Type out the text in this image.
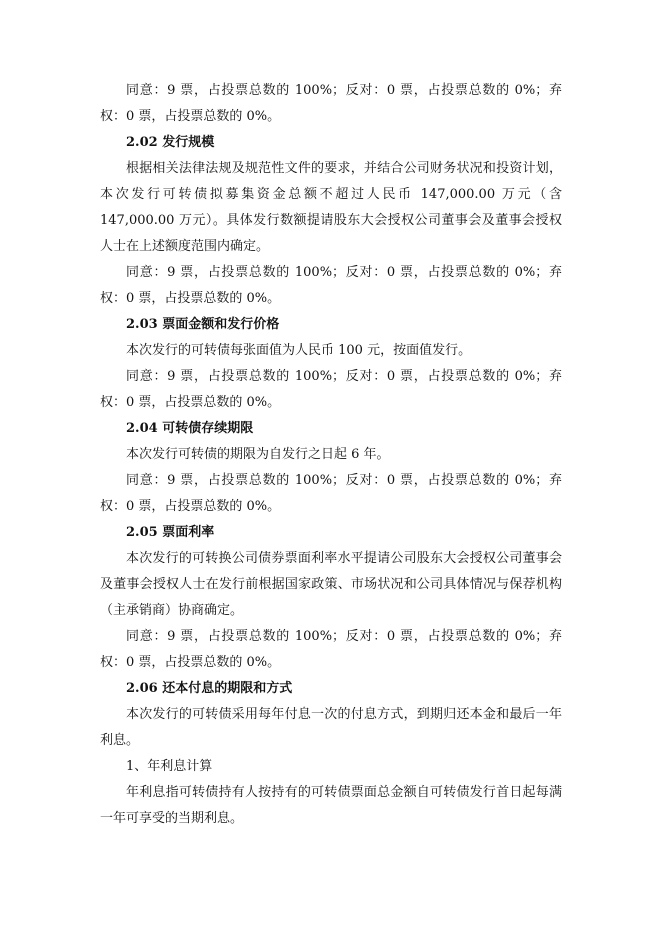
同意：9 票，占投票总数的 100%；反对：0 票，占投票总数的 0%；弃权：0 票，占投票总数的 0%。

2.02 发行规模

根据相关法律法规及规范性文件的要求，并结合公司财务状况和投资计划，本次发行可转债拟募集资金总额不超过人民币 147,000.00 万元（含 147,000.00 万元）。具体发行数额提请股东大会授权公司董事会及董事会授权人士在上述额度范围内确定。

同意：9 票，占投票总数的 100%；反对：0 票，占投票总数的 0%；弃权：0 票，占投票总数的 0%。

2.03 票面金额和发行价格

本次发行的可转债每张面值为人民币 100 元，按面值发行。

同意：9 票，占投票总数的 100%；反对：0 票，占投票总数的 0%；弃权：0 票，占投票总数的 0%。

2.04 可转债存续期限

本次发行可转债的期限为自发行之日起 6 年。

同意：9 票，占投票总数的 100%；反对：0 票，占投票总数的 0%；弃权：0 票，占投票总数的 0%。

2.05 票面利率

本次发行的可转换公司债券票面利率水平提请公司股东大会授权公司董事会及董事会授权人士在发行前根据国家政策、市场状况和公司具体情况与保荐机构（主承销商）协商确定。

同意：9 票，占投票总数的 100%；反对：0 票，占投票总数的 0%；弃权：0 票，占投票总数的 0%。

2.06 还本付息的期限和方式

本次发行的可转债采用每年付息一次的付息方式，到期归还本金和最后一年利息。

1、年利息计算

年利息指可转债持有人按持有的可转债票面总金额自可转债发行首日起每满一年可享受的当期利息。
